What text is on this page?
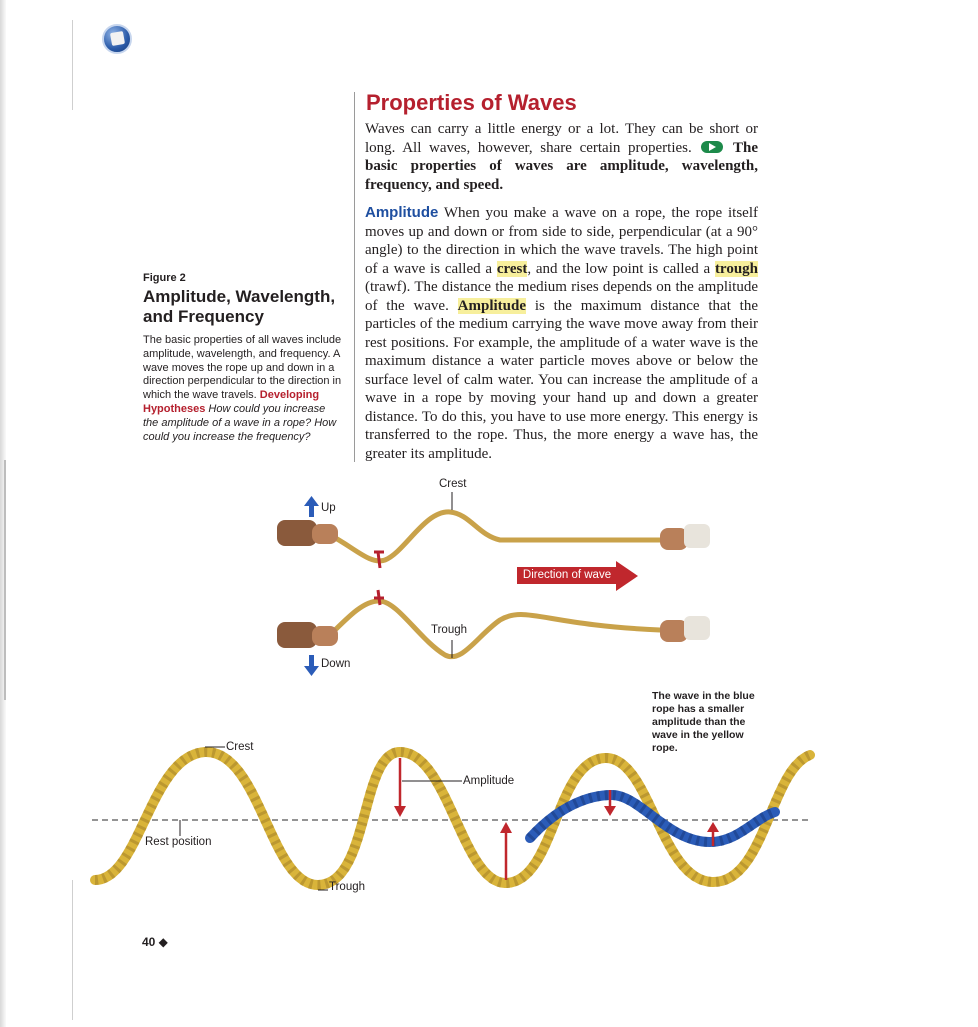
Properties of Waves

Waves can carry a little energy or a lot. They can be short or long. All waves, however, share certain properties.	The basic properties of waves are amplitude, wavelength, frequency, and speed.

Amplitude When you make a wave on a rope, the rope itself moves up and down or from side to side, perpendicular (at a 90° angle) to the direction in which the wave travels. The high point of a wave is called a crest, and the low point is called a trough (trawf). The distance the medium rises depends on the amplitude of the wave. Amplitude is the maximum distance that the particles of the medium carrying the wave move away from their rest positions. For example, the amplitude of a water wave is the maximum distance a water particle moves above or below the surface level of calm water. You can increase the amplitude of a wave in a rope by moving your hand up and down a greater distance. To do this, you have to use more energy. This energy is transferred to the rope. Thus, the more energy a wave has, the greater its amplitude.

Figure 2
Amplitude, Wavelength, and Frequency
The basic properties of all waves include amplitude, wavelength, and frequency. A wave moves the rope up and down in a direction perpendicular to the direction in which the wave travels. Developing Hypotheses How could you increase the amplitude of a wave in a rope? How could you increase the frequency?
Crest
Trough
Up
Down
Direction of wave
Crest
Trough
Amplitude
Rest position
The wave in the blue rope has a smaller amplitude than the wave in the yellow rope.
40 ◆
